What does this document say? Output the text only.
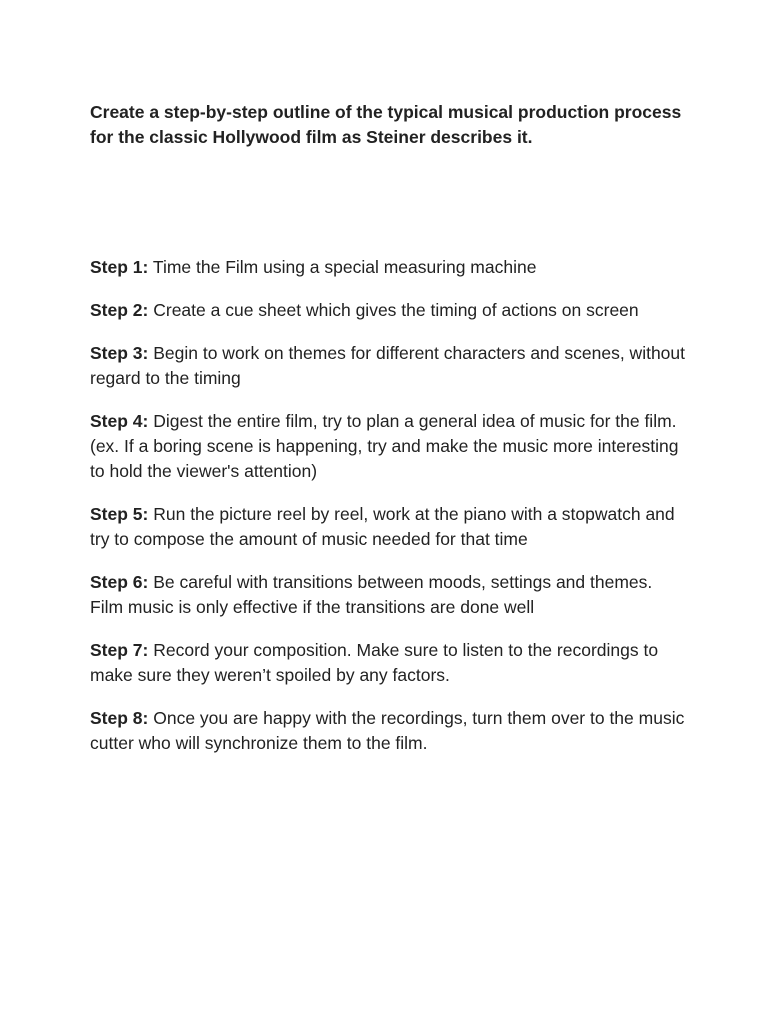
Create a step-by-step outline of the typical musical production process for the classic Hollywood film as Steiner describes it.

Step 1: Time the Film using a special measuring machine
Step 2: Create a cue sheet which gives the timing of actions on screen
Step 3: Begin to work on themes for different characters and scenes, without regard to the timing
Step 4: Digest the entire film, try to plan a general idea of music for the film. (ex. If a boring scene is happening, try and make the music more interesting to hold the viewer's attention)
Step 5: Run the picture reel by reel, work at the piano with a stopwatch and try to compose the amount of music needed for that time
Step 6: Be careful with transitions between moods, settings and themes. Film music is only effective if the transitions are done well
Step 7: Record your composition. Make sure to listen to the recordings to make sure they weren’t spoiled by any factors.
Step 8: Once you are happy with the recordings, turn them over to the music cutter who will synchronize them to the film.
